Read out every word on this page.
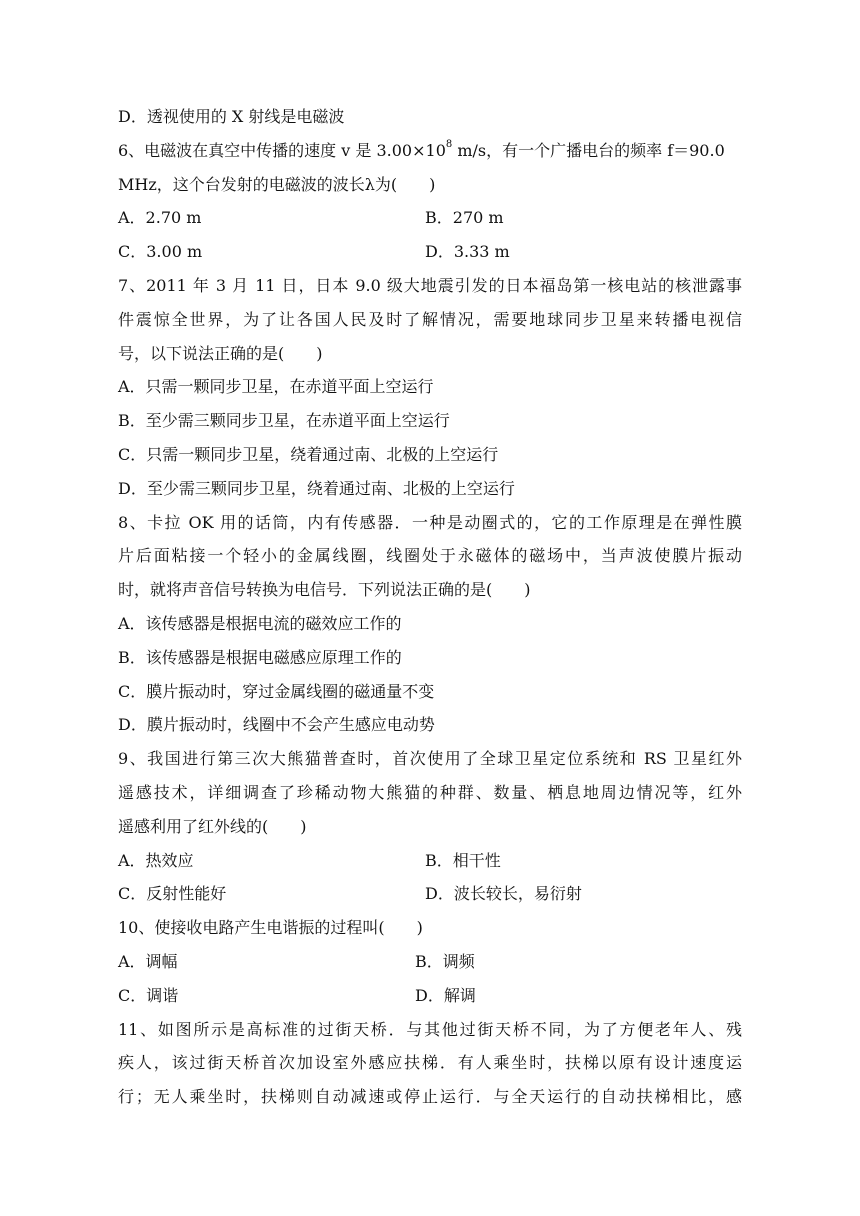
D．透视使用的 X 射线是电磁波
6、电磁波在真空中传播的速度 v 是 $3.00\times 10^8$ m/s，有一个广播电台的频率 f＝90.0
MHz，这个台发射的电磁波的波长λ为(　　)
A．2.70 m	B．270 m
C．3.00 m	D．3.33 m
7、2011 年 3 月 11 日，日本 9.0 级大地震引发的日本福岛第一核电站的核泄露事
件震惊全世界，为了让各国人民及时了解情况，需要地球同步卫星来转播电视信
号，以下说法正确的是(　　)
A．只需一颗同步卫星，在赤道平面上空运行
B．至少需三颗同步卫星，在赤道平面上空运行
C．只需一颗同步卫星，绕着通过南、北极的上空运行
D．至少需三颗同步卫星，绕着通过南、北极的上空运行
8、卡拉 OK 用的话筒，内有传感器．一种是动圈式的，它的工作原理是在弹性膜
片后面粘接一个轻小的金属线圈，线圈处于永磁体的磁场中，当声波使膜片振动
时，就将声音信号转换为电信号．下列说法正确的是(　　)
A．该传感器是根据电流的磁效应工作的
B．该传感器是根据电磁感应原理工作的
C．膜片振动时，穿过金属线圈的磁通量不变
D．膜片振动时，线圈中不会产生感应电动势
9、我国进行第三次大熊猫普查时，首次使用了全球卫星定位系统和 RS 卫星红外
遥感技术，详细调查了珍稀动物大熊猫的种群、数量、栖息地周边情况等，红外
遥感利用了红外线的(　　)
A．热效应	B．相干性
C．反射性能好	D．波长较长，易衍射
10、使接收电路产生电谐振的过程叫(　　)
A．调幅	B．调频
C．调谐	D．解调
11、如图所示是高标准的过街天桥．与其他过街天桥不同，为了方便老年人、残
疾人，该过街天桥首次加设室外感应扶梯．有人乘坐时，扶梯以原有设计速度运
行；无人乘坐时，扶梯则自动减速或停止运行．与全天运行的自动扶梯相比，感
